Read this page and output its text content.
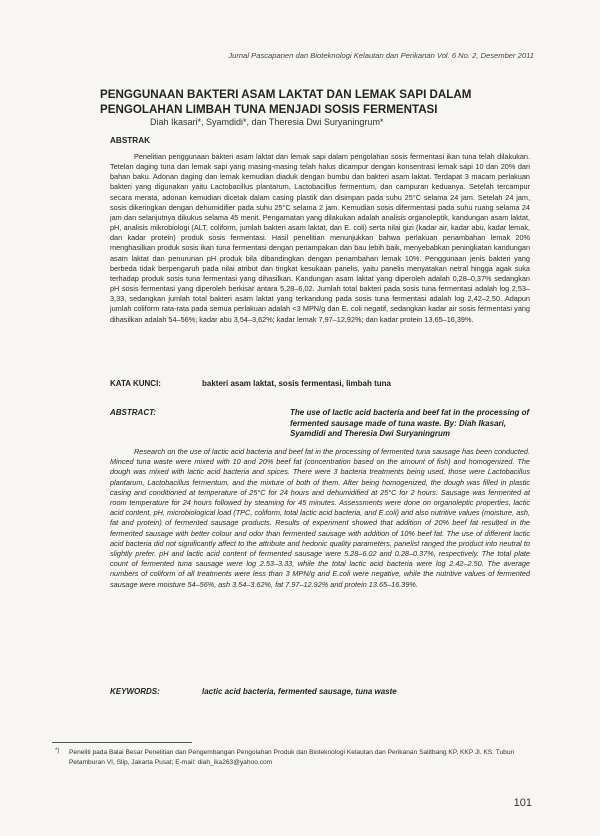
Jurnal Pascapanen dan Bioteknologi Kelautan dan Perikanan Vol. 6 No. 2, Desember 2011
PENGGUNAAN BAKTERI ASAM LAKTAT DAN LEMAK SAPI DALAM PENGOLAHAN LIMBAH TUNA MENJADI SOSIS FERMENTASI
Diah Ikasari*, Syamdidi*, dan Theresia Dwi Suryaningrum*
ABSTRAK
Penelitian penggunaan bakteri asam laktat dan lemak sapi dalam pengolahan sosis fermentasi ikan tuna telah dilakukan. Tetelan daging tuna dan lemak sapi yang masing-masing telah halus dicampur dengan konsentrasi lemak sapi 10 dan 20% dari bahan baku. Adonan daging dan lemak kemudian diaduk dengan bumbu dan bakteri asam laktat. Terdapat 3 macam perlakuan bakteri yang digunakan yaitu Lactobacillus plantarum, Lactobacillus fermentum, dan campuran keduanya. Setelah tercampur secara merata, adonan kemudian dicetak dalam casing plastik dan disimpan pada suhu 25°C selama 24 jam. Setelah 24 jam, sosis dikeringkan dengan dehumidifier pada suhu 25°C selama 2 jam. Kemudian sosis difermentasi pada suhu ruang selama 24 jam dan selanjutnya dikukus selama 45 menit. Pengamatan yang dilakukan adalah analisis organoleptik, kandungan asam laktat, pH, analisis mikrobiologi (ALT, coliform, jumlah bakteri asam laktat, dan E. coli) serta nilai gizi (kadar air, kadar abu, kadar lemak, dan kadar protein) produk sosis fermentasi. Hasil penelitian menunjukkan bahwa perlakuan penambahan lemak 20% menghasilkan produk sosis ikan tuna fermentasi dengan penampakan dan bau lebih baik, menyebabkan peningkatan kandungan asam laktat dan penurunan pH produk bila dibandingkan dengan penambahan lemak 10%. Penggunaan jenis bakteri yang berbeda tidak berpengaruh pada nilai atribut dan tingkat kesukaan panelis, yaitu panelis menyatakan netral hingga agak suka terhadap produk sosis tuna fermentasi yang dihasilkan. Kandungan asam laktat yang diperoleh adalah 0,28–0,37% sedangkan pH sosis fermentasi yang diperoleh berkisar antara 5,28–6,02. Jumlah total bakteri pada sosis tuna fermentasi adalah log 2,53–3,33, sedangkan jumlah total bakteri asam laktat yang terkandung pada sosis tuna fermentasi adalah log 2,42–2,50. Adapun jumlah coliform rata-rata pada semua perlakuan adalah <3 MPN/g dan E. coli negatif, sedangkan kadar air sosis fermentasi yang dihasilkan adalah 54–56%; kadar abu 3,54–3,62%; kadar lemak 7,97–12,92%; dan kadar protein 13,65–16,39%.
KATA KUNCI:	bakteri asam laktat, sosis fermentasi, limbah tuna
ABSTRACT:	The use of lactic acid bacteria and beef fat in the processing of fermented sausage made of tuna waste. By: Diah Ikasari, Syamdidi and Theresia Dwi Suryaningrum
Research on the use of lactic acid bacteria and beef fat in the processing of fermented tuna sausage has been conducted. Minced tuna waste were mixed with 10 and 20% beef fat (concentration based on the amount of fish) and homogenized. The dough was mixed with lactic acid bacteria and spices. There were 3 bacteria treatments being used, those were Lactobacillus plantarum, Lactobacillus fermentum, and the mixture of both of them. After being homogenized, the dough was filled in plastic casing and conditioned at temperature of 25°C for 24 hours and dehumidified at 25°C for 2 hours. Sausage was fermented at room temperature for 24 hours followed by steaming for 45 minutes. Assessments were done on organoleptic properties, lactic acid content, pH, microbiological load (TPC, coliform, total lactic acid bacteria, and E.coli) and also nutritive values (moisture, ash, fat and protein) of fermented sausage products. Results of experiment showed that addition of 20% beef fat resulted in the fermented sausage with better colour and odor than fermented sausage with addition of 10% beef fat. The use of different lactic acid bacteria did not significantly affect to the attribute and hedonic quality parameters, panelist ranged the product into neutral to slightly prefer. pH and lactic acid content of fermented sausage were 5.28–6.02 and 0.28–0.37%, respectively. The total plate count of fermented tuna sausage were log 2.53–3.33, while the total lactic acid bacteria were log 2.42–2.50. The average numbers of coliform of all treatments were less than 3 MPN/g and E.coli were negative, while the nutritive values of fermented sausage were moisture 54–56%, ash 3.54–3.62%, fat 7.97–12.92% and protein 13.65–16.39%.
KEYWORDS:	lactic acid bacteria, fermented sausage, tuna waste
*) Peneliti pada Balai Besar Penelitian dan Pengembangan Pengolahan Produk dan Bioteknologi Kelautan dan Perikanan Salitbang KP, KKP Jl. KS. Tubun Petamburan VI, Slip, Jakarta Pusat; E-mail: diah_ika263@yahoo.com
101
